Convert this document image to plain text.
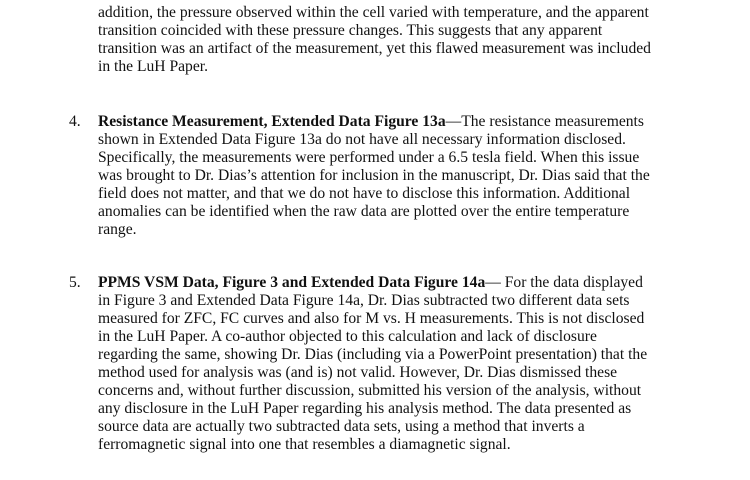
addition, the pressure observed within the cell varied with temperature, and the apparent
transition coincided with these pressure changes. This suggests that any apparent
transition was an artifact of the measurement, yet this flawed measurement was included
in the LuH Paper.
4. Resistance Measurement, Extended Data Figure 13a—The resistance measurements
shown in Extended Data Figure 13a do not have all necessary information disclosed.
Specifically, the measurements were performed under a 6.5 tesla field. When this issue
was brought to Dr. Dias’s attention for inclusion in the manuscript, Dr. Dias said that the
field does not matter, and that we do not have to disclose this information. Additional
anomalies can be identified when the raw data are plotted over the entire temperature
range.
5. PPMS VSM Data, Figure 3 and Extended Data Figure 14a— For the data displayed
in Figure 3 and Extended Data Figure 14a, Dr. Dias subtracted two different data sets
measured for ZFC, FC curves and also for M vs. H measurements. This is not disclosed
in the LuH Paper. A co-author objected to this calculation and lack of disclosure
regarding the same, showing Dr. Dias (including via a PowerPoint presentation) that the
method used for analysis was (and is) not valid. However, Dr. Dias dismissed these
concerns and, without further discussion, submitted his version of the analysis, without
any disclosure in the LuH Paper regarding his analysis method. The data presented as
source data are actually two subtracted data sets, using a method that inverts a
ferromagnetic signal into one that resembles a diamagnetic signal.
